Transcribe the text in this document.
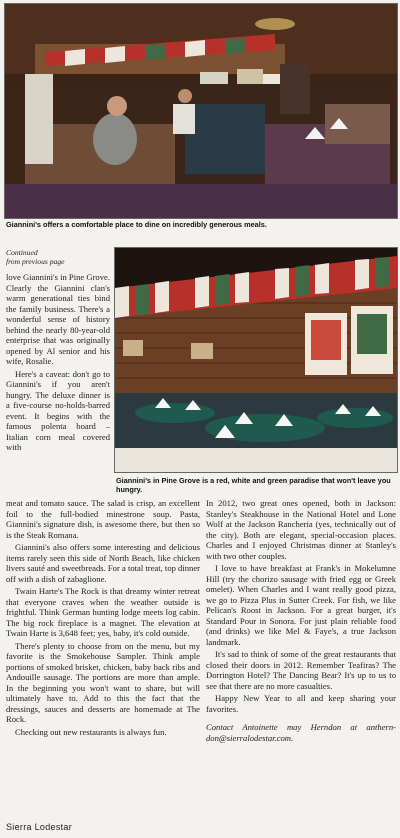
Giannini's offers a comfortable place to dine on incredibly generous meals.
Continued
from previous page

love Giannini's in Pine Grove. Clearly the Giannini clan's warm generational ties bind the family business. There's a wonderful sense of history behind the nearly 80-year-old enterprise that was originally opened by Al senior and his wife, Rosalie.

Here's a caveat: don't go to Giannini's if you aren't hungry. The deluxe dinner is a five-course no-holds-barred event. It begins with the famous polenta board – Italian corn meal covered with

Giannini's in Pine Grove is a red, white and green paradise that won't leave you hungry.

meat and tomato sauce. The salad is crisp, an excellent foil to the full-bodied minestrone soup. Pasta, Giannini's signature dish, is awesome there, but then so is the Steak Romana.

Giannini's also offers some interesting and delicious items rarely seen this side of North Beach, like chicken livers sauté and sweetbreads. For a total treat, top dinner off with a dish of zabaglione.

Twain Harte's The Rock is that dreamy winter retreat that everyone craves when the weather outside is frightful. Think German hunting lodge meets log cabin. The big rock fireplace is a magnet. The elevation at Twain Harte is 3,648 feet; yes, baby, it's cold outside.

There's plenty to choose from on the menu, but my favorite is the Smokehouse Sampler. Think ample portions of smoked brisket, chicken, baby back ribs and Andouille sausage. The portions are more than ample. In the beginning you won't want to share, but will ultimately have to. Add to this the fact that the dressings, sauces and desserts are homemade at The Rock.

Checking out new restaurants is always fun.

In 2012, two great ones opened, both in Jackson: Stanley's Steakhouse in the National Hotel and Lone Wolf at the Jackson Rancheria (yes, technically out of the city). Both are elegant, special-occasion places. Charles and I enjoyed Christmas dinner at Stanley's with two other couples.

I love to have breakfast at Frank's in Mokelumne Hill (try the chorizo sausage with fried egg or Greek omelet). When Charles and I want really good pizza, we go to Pizza Plus in Sutter Creek. For fish, we like Pelican's Roost in Jackson. For a great burger, it's Standard Pour in Sonora. For just plain reliable food (and drinks) we like Mel & Faye's, a true Jackson landmark.

It's sad to think of some of the great restaurants that closed their doors in 2012. Remember Teafiras? The Dorrington Hotel? The Dancing Bear? It's up to us to see that there are no more casualties.

Happy New Year to all and keep sharing your favorites.

Contact Antoinette may Herndon at anthern-don@sierralodestar.com.

Sierra Lodestar
